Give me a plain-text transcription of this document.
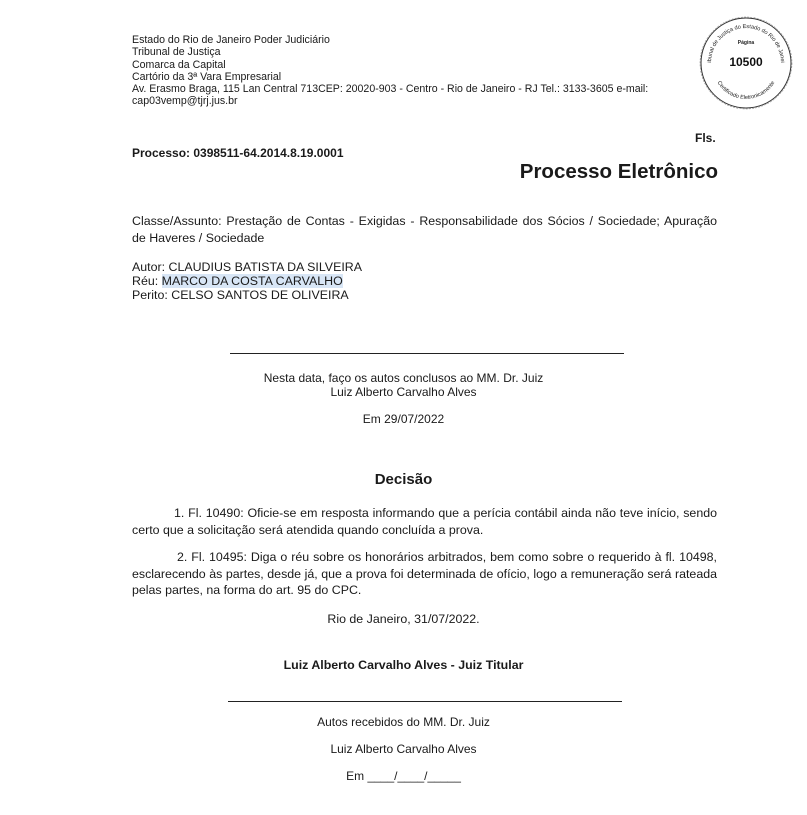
Estado do Rio de Janeiro Poder Judiciário
Tribunal de Justiça
Comarca da Capital
Cartório da 3ª Vara Empresarial
Av. Erasmo Braga, 115 Lan Central 713CEP: 20020-903 - Centro - Rio de Janeiro - RJ Tel.: 3133-3605 e-mail:
cap03vemp@tjrj.jus.br
ibunal de Justiça do Estado do Rio de Janei
Certificado Eletronicamente
Página
10500
Fls.
Processo: 0398511-64.2014.8.19.0001
Processo Eletrônico
Classe/Assunto: Prestação de Contas - Exigidas - Responsabilidade dos Sócios / Sociedade; Apuração de Haveres / Sociedade
Autor: CLAUDIUS BATISTA DA SILVEIRA
Réu: MARCO DA COSTA CARVALHO
Perito: CELSO SANTOS DE OLIVEIRA
Nesta data, faço os autos conclusos ao MM. Dr. Juiz
Luiz Alberto Carvalho Alves
Em 29/07/2022
Decisão
1. Fl. 10490: Oficie-se em resposta informando que a perícia contábil ainda não teve início, sendo certo que a solicitação será atendida quando concluída a prova.
2. Fl. 10495: Diga o réu sobre os honorários arbitrados, bem como sobre o requerido à fl. 10498, esclarecendo às partes, desde já, que a prova foi determinada de ofício, logo a remuneração será rateada pelas partes, na forma do art. 95 do CPC.
Rio de Janeiro, 31/07/2022.
Luiz Alberto Carvalho Alves - Juiz Titular
Autos recebidos do MM. Dr. Juiz
Luiz Alberto Carvalho Alves
Em ____/____/_____
